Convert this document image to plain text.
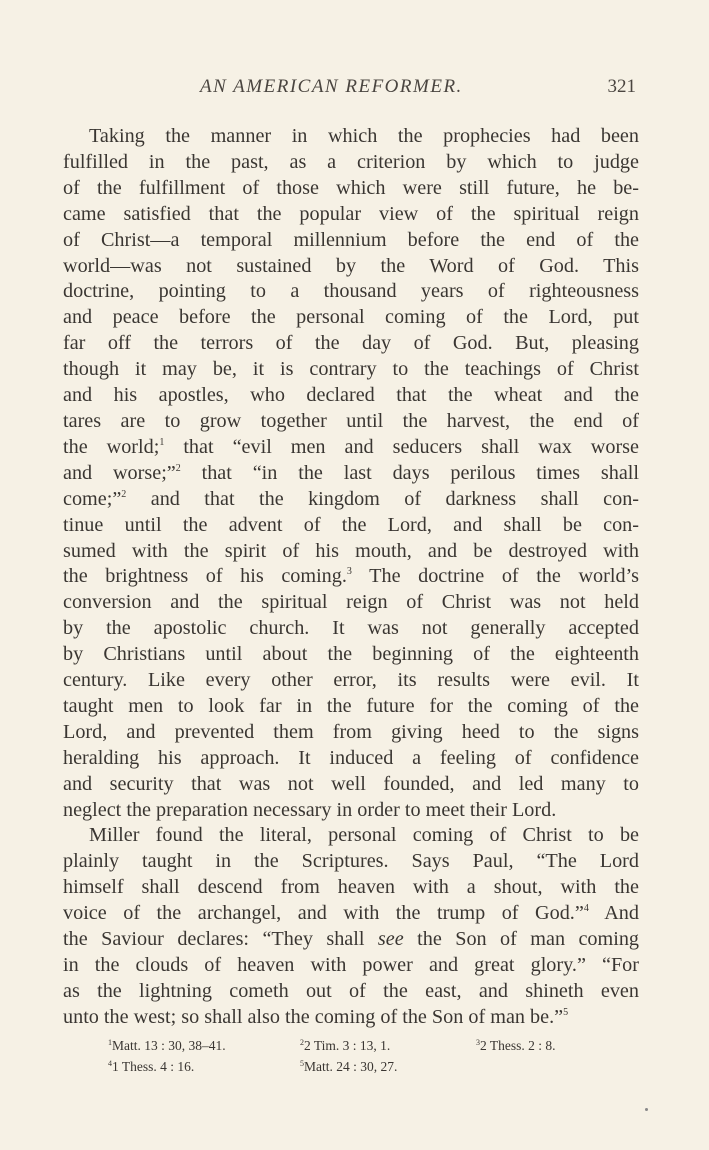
AN AMERICAN REFORMER.	321

Taking the manner in which the prophecies had been
fulfilled in the past, as a criterion by which to judge
of the fulfillment of those which were still future, he be-
came satisfied that the popular view of the spiritual reign
of Christ—a temporal millennium before the end of the
world—was not sustained by the Word of God. This
doctrine, pointing to a thousand years of righteousness
and peace before the personal coming of the Lord, put
far off the terrors of the day of God. But, pleasing
though it may be, it is contrary to the teachings of Christ
and his apostles, who declared that the wheat and the
tares are to grow together until the harvest, the end of
the world;$^1$ that “evil men and seducers shall wax worse
and worse;”$^2$ that “in the last days perilous times shall
come;”$^2$ and that the kingdom of darkness shall con-
tinue until the advent of the Lord, and shall be con-
sumed with the spirit of his mouth, and be destroyed with
the brightness of his coming.$^3$ The doctrine of the world’s
conversion and the spiritual reign of Christ was not held
by the apostolic church. It was not generally accepted
by Christians until about the beginning of the eighteenth
century. Like every other error, its results were evil. It
taught men to look far in the future for the coming of the
Lord, and prevented them from giving heed to the signs
heralding his approach. It induced a feeling of confidence
and security that was not well founded, and led many to
neglect the preparation necessary in order to meet their Lord.

Miller found the literal, personal coming of Christ to be
plainly taught in the Scriptures. Says Paul, “The Lord
himself shall descend from heaven with a shout, with the
voice of the archangel, and with the trump of God.”$^4$ And
the Saviour declares: “They shall see the Son of man coming
in the clouds of heaven with power and great glory.” “For
as the lightning cometh out of the east, and shineth even
unto the west; so shall also the coming of the Son of man be.”$^5$

$^1$Matt. 13 : 30, 38–41.	$^2$2 Tim. 3 : 13, 1.	$^3$2 Thess. 2 : 8.
$^4$1 Thess. 4 : 16.	$^5$Matt. 24 : 30, 27.
